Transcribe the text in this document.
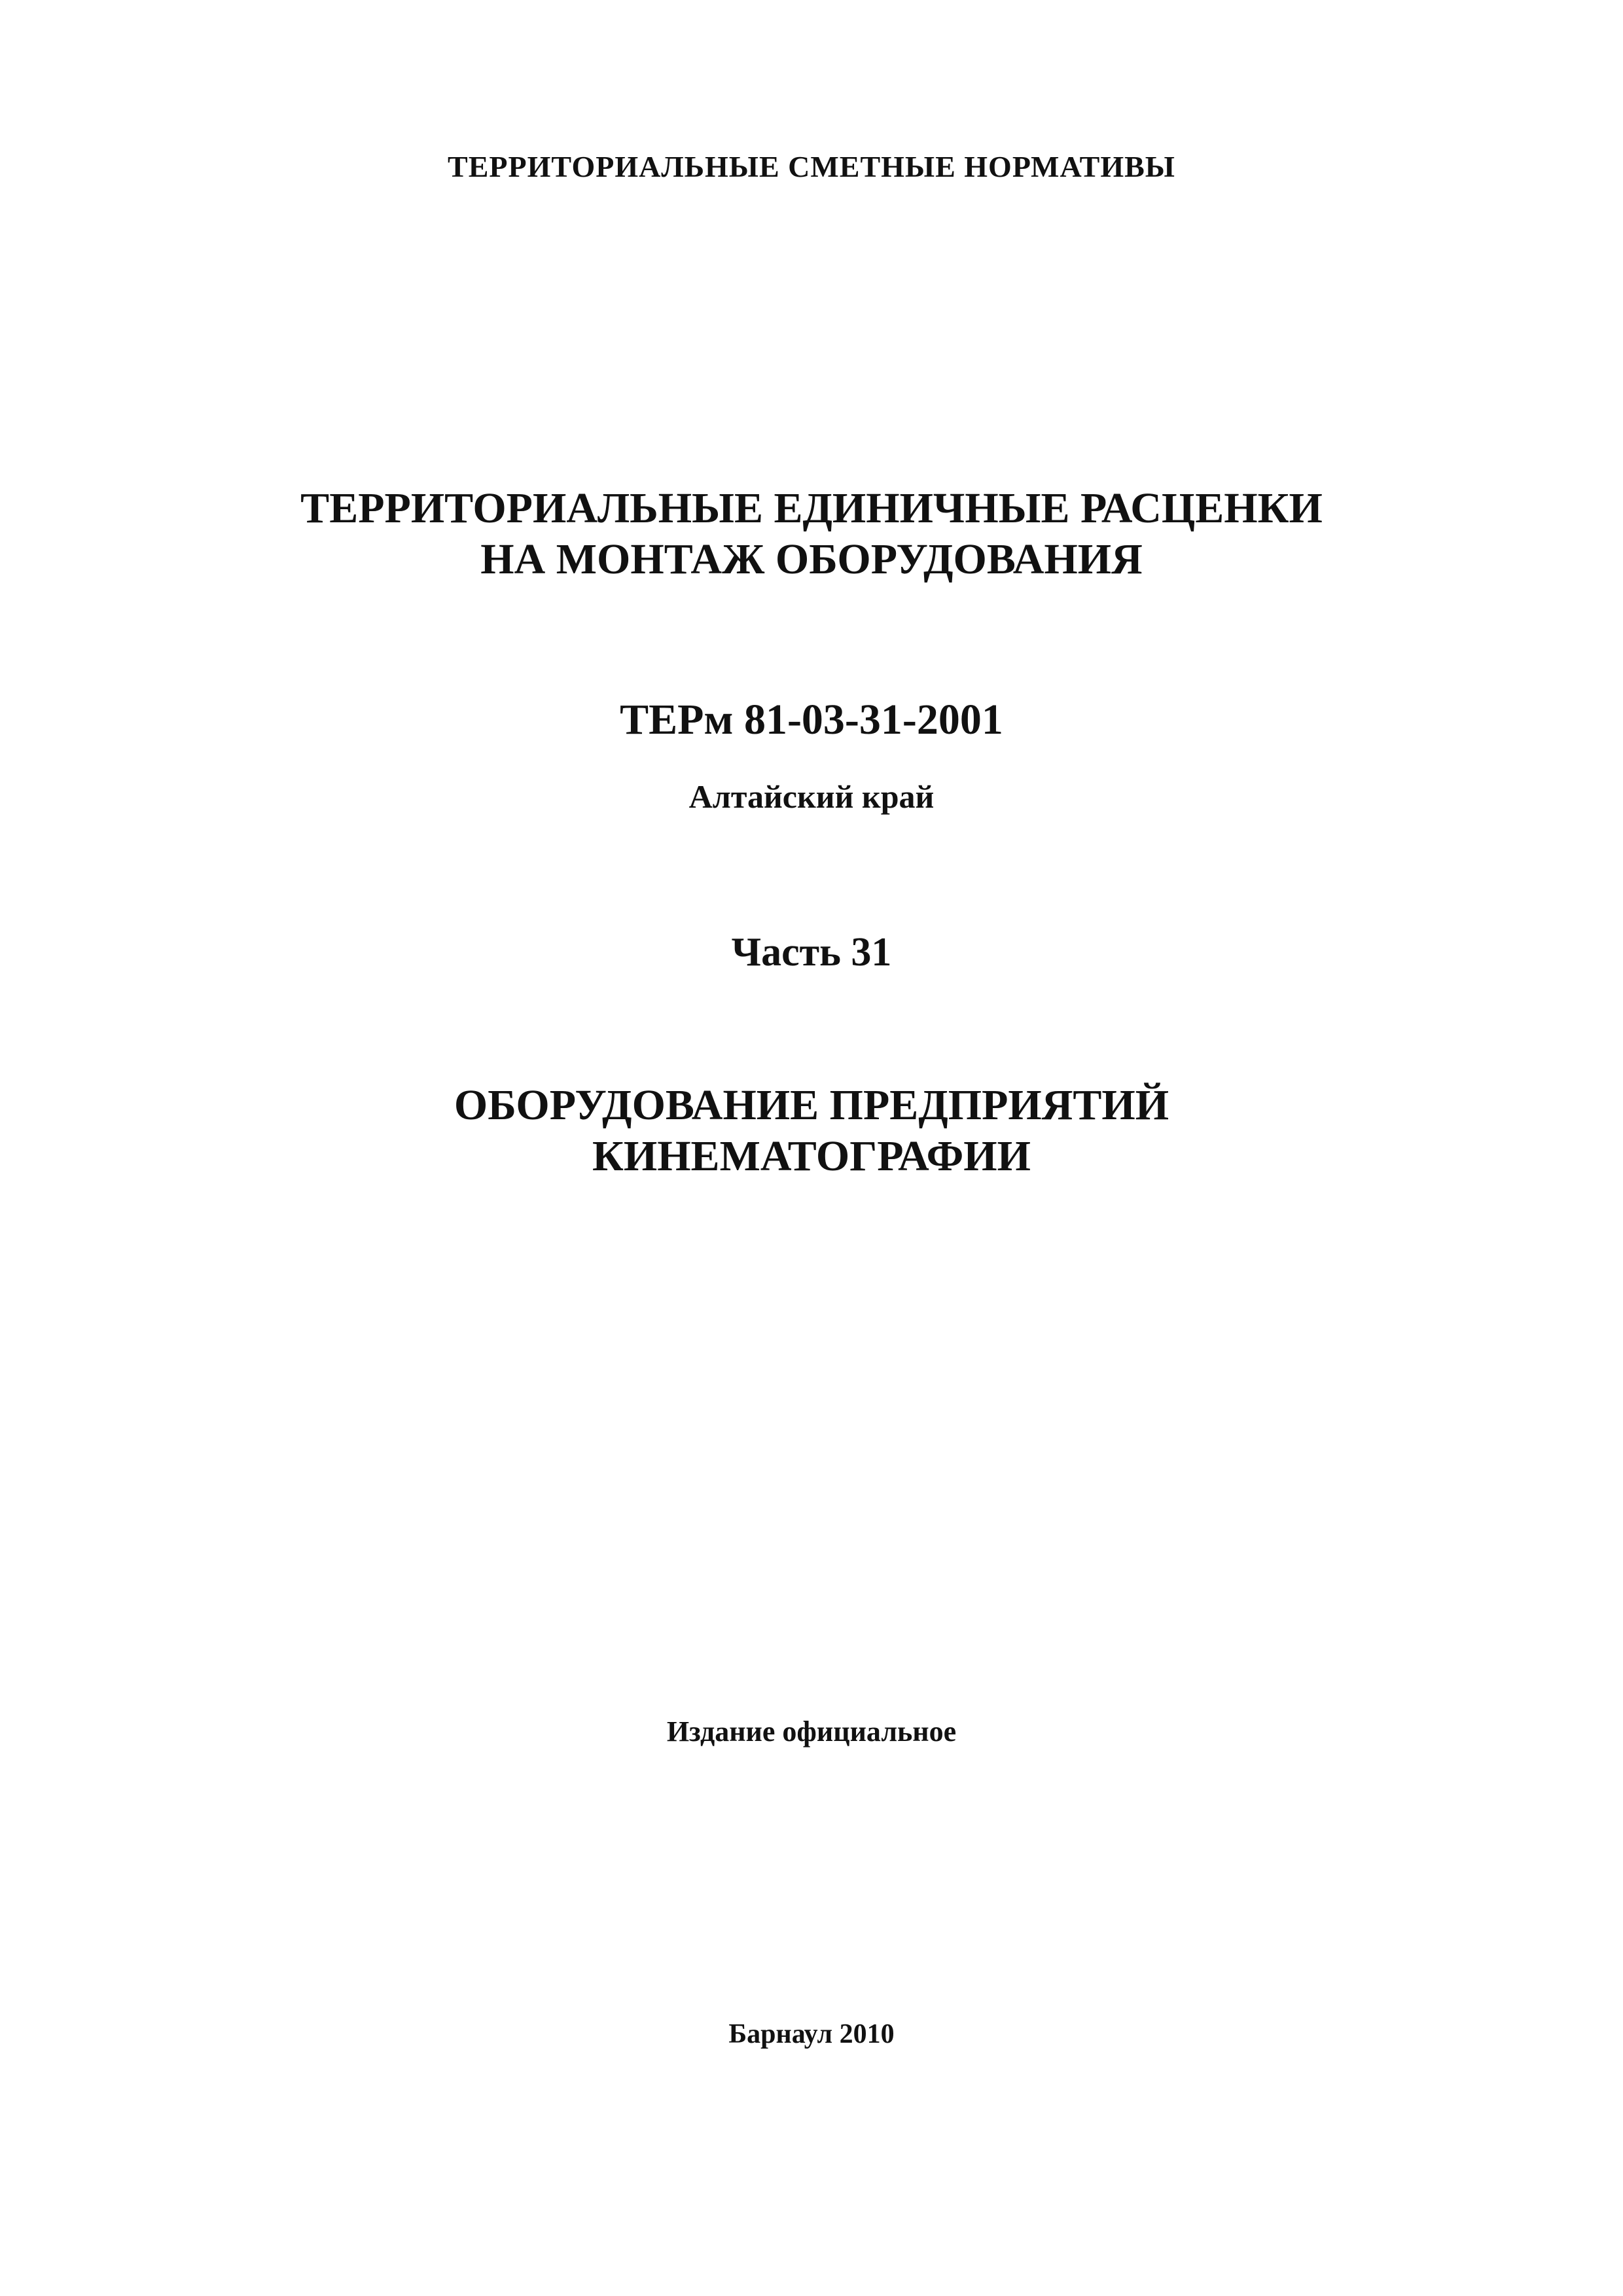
ТЕРРИТОРИАЛЬНЫЕ СМЕТНЫЕ НОРМАТИВЫ
ТЕРРИТОРИАЛЬНЫЕ ЕДИНИЧНЫЕ РАСЦЕНКИ
НА МОНТАЖ ОБОРУДОВАНИЯ
ТЕРм 81-03-31-2001
Алтайский край
Часть 31
ОБОРУДОВАНИЕ ПРЕДПРИЯТИЙ
КИНЕМАТОГРАФИИ
Издание официальное
Барнаул 2010
